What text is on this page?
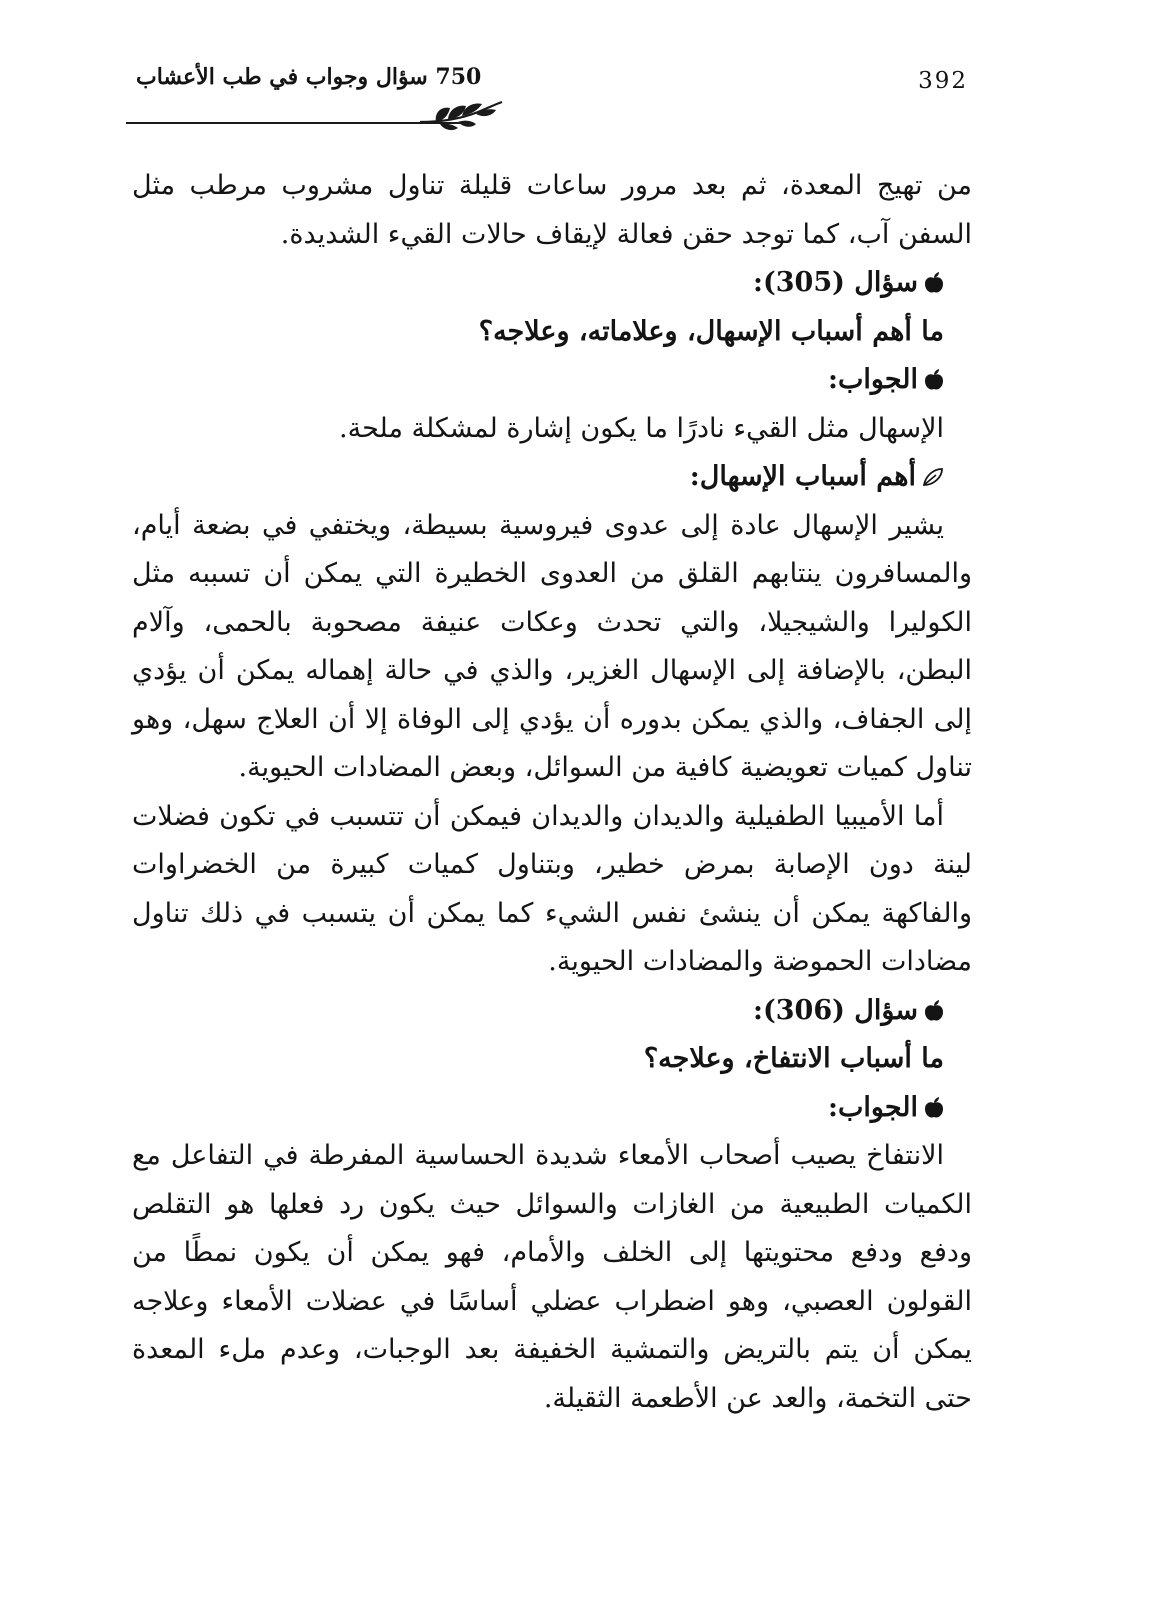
750 سؤال وجواب في طب الأعشاب	392

من تهيج المعدة، ثم بعد مرور ساعات قليلة تناول مشروب مرطب مثل السفن آب، كما توجد حقن فعالة لإيقاف حالات القيء الشديدة.

سؤال (305):

ما أهم أسباب الإسهال، وعلاماته، وعلاجه؟

الجواب:

الإسهال مثل القيء نادرًا ما يكون إشارة لمشكلة ملحة.

أهم أسباب الإسهال:

يشير الإسهال عادة إلى عدوى فيروسية بسيطة، ويختفي في بضعة أيام، والمسافرون ينتابهم القلق من العدوى الخطيرة التي يمكن أن تسببه مثل الكوليرا والشيجيلا، والتي تحدث وعكات عنيفة مصحوبة بالحمى، وآلام البطن، بالإضافة إلى الإسهال الغزير، والذي في حالة إهماله يمكن أن يؤدي إلى الجفاف، والذي يمكن بدوره أن يؤدي إلى الوفاة إلا أن العلاج سهل، وهو تناول كميات تعويضية كافية من السوائل، وبعض المضادات الحيوية.

أما الأميبيا الطفيلية والديدان والديدان فيمكن أن تتسبب في تكون فضلات لينة دون الإصابة بمرض خطير، وبتناول كميات كبيرة من الخضراوات والفاكهة يمكن أن ينشئ نفس الشيء كما يمكن أن يتسبب في ذلك تناول مضادات الحموضة والمضادات الحيوية.

سؤال (306):

ما أسباب الانتفاخ، وعلاجه؟

الجواب:

الانتفاخ يصيب أصحاب الأمعاء شديدة الحساسية المفرطة في التفاعل مع الكميات الطبيعية من الغازات والسوائل حيث يكون رد فعلها هو التقلص ودفع ودفع محتويتها إلى الخلف والأمام، فهو يمكن أن يكون نمطًا من القولون العصبي، وهو اضطراب عضلي أساسًا في عضلات الأمعاء وعلاجه يمكن أن يتم بالتريض والتمشية الخفيفة بعد الوجبات، وعدم ملء المعدة حتى التخمة، والعد عن الأطعمة الثقيلة.
